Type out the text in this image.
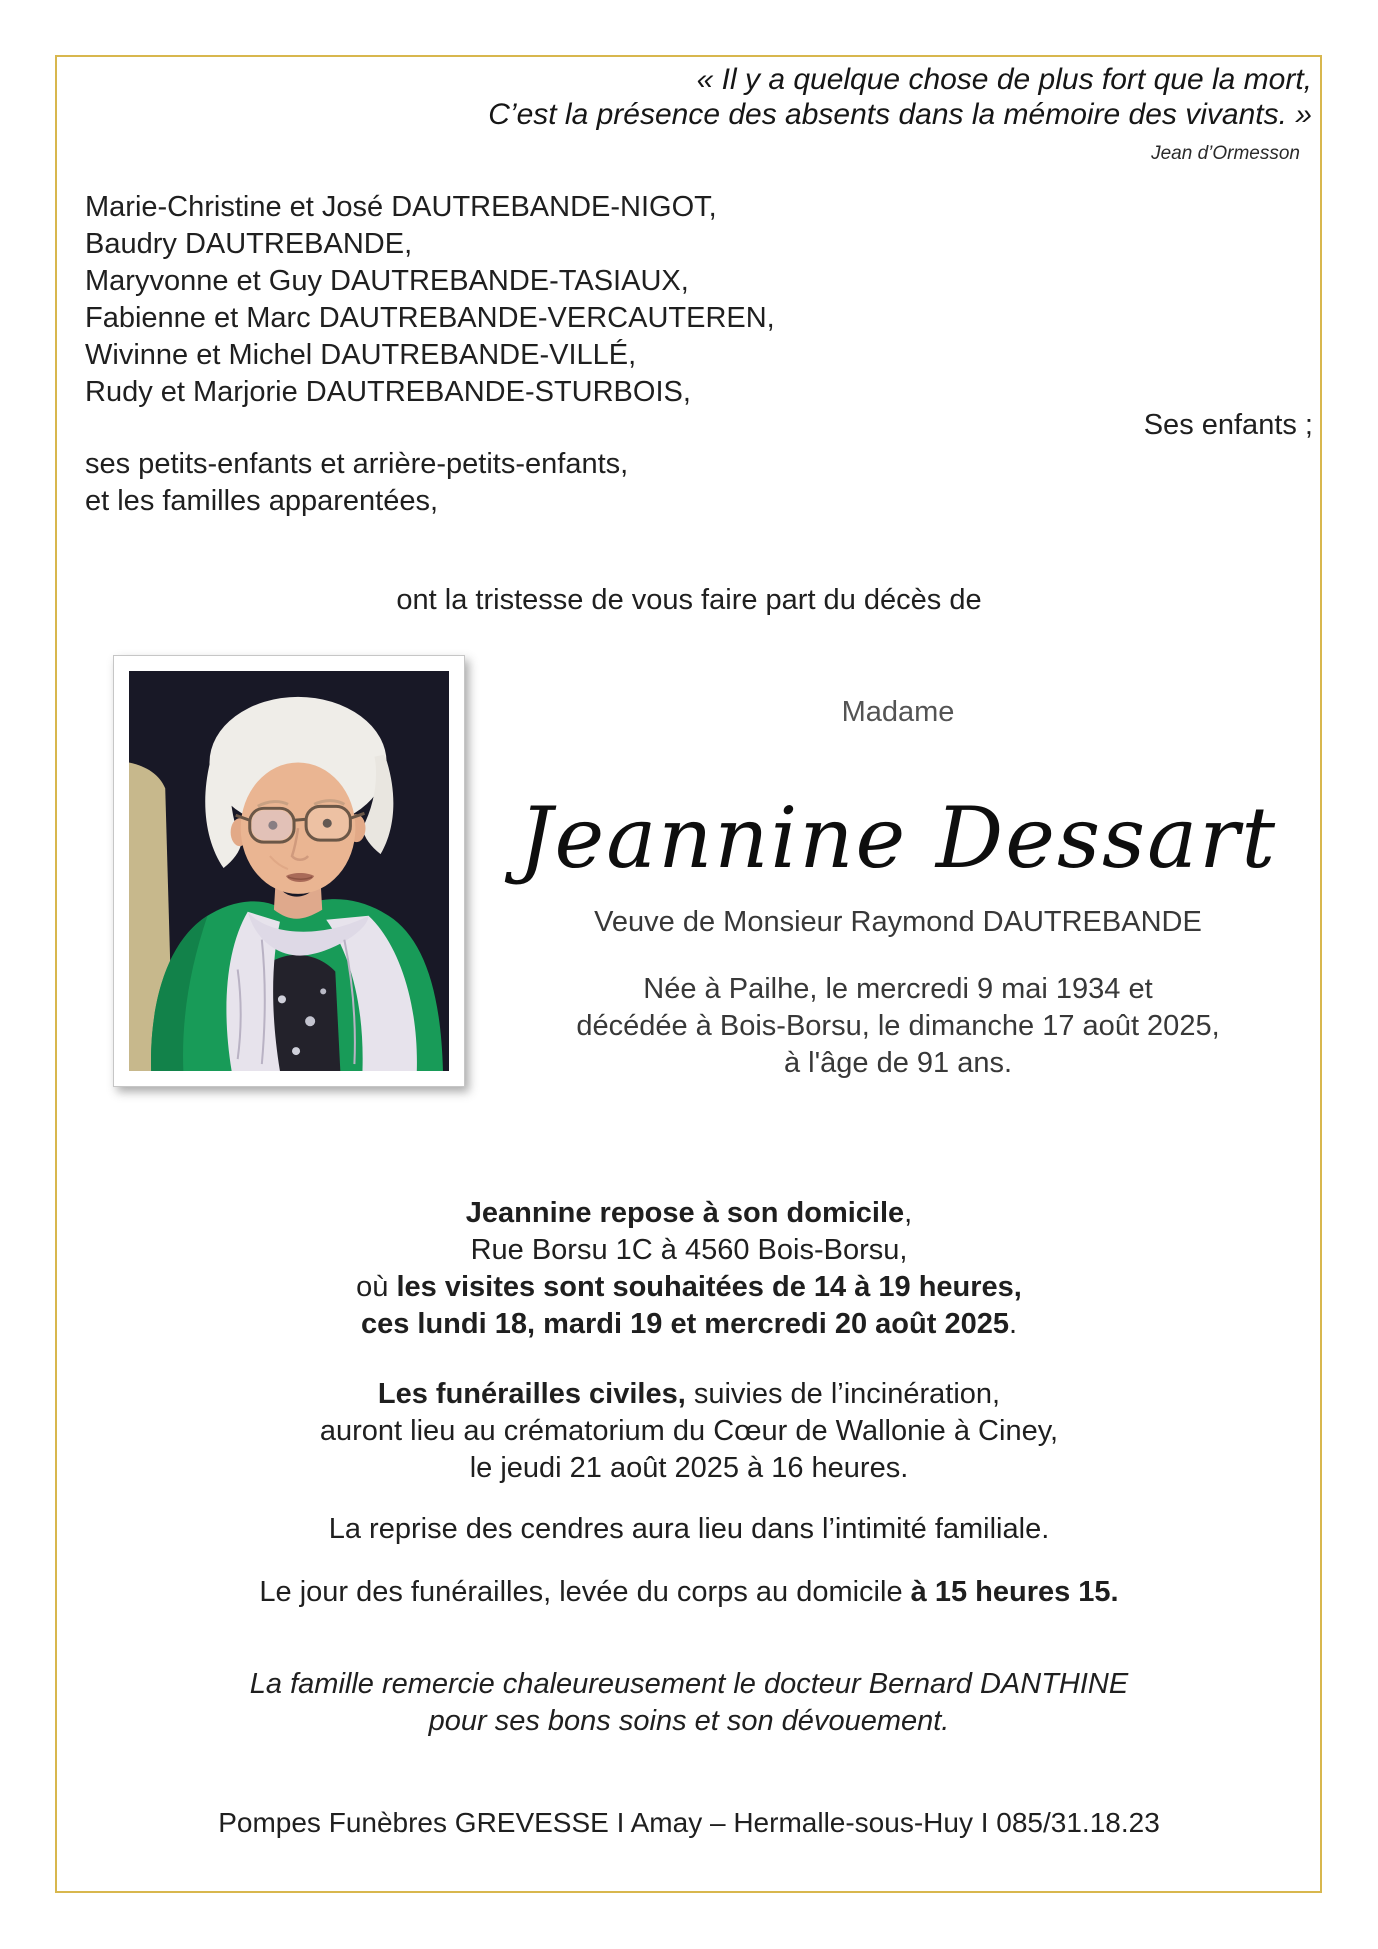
« Il y a quelque chose de plus fort que la mort,
C’est la présence des absents dans la mémoire des vivants. »
Jean d’Ormesson
Marie-Christine et José DAUTREBANDE-NIGOT,
Baudry DAUTREBANDE,
Maryvonne et Guy DAUTREBANDE-TASIAUX,
Fabienne et Marc DAUTREBANDE-VERCAUTEREN,
Wivinne et Michel DAUTREBANDE-VILLÉ,
Rudy et Marjorie DAUTREBANDE-STURBOIS,
Ses enfants ;
ses petits-enfants et arrière-petits-enfants,
et les familles apparentées,
ont la tristesse de vous faire part du décès de
Madame
Jeannine Dessart
Veuve de Monsieur Raymond DAUTREBANDE
Née à Pailhe, le mercredi 9 mai 1934 et
décédée à Bois-Borsu, le dimanche 17 août 2025,
à l'âge de 91 ans.
Jeannine repose à son domicile,
Rue Borsu 1C à 4560 Bois-Borsu,
où les visites sont souhaitées de 14 à 19 heures,
ces lundi 18, mardi 19 et mercredi 20 août 2025.
Les funérailles civiles, suivies de l’incinération,
auront lieu au crématorium du Cœur de Wallonie à Ciney,
le jeudi 21 août 2025 à 16 heures.
La reprise des cendres aura lieu dans l’intimité familiale.
Le jour des funérailles, levée du corps au domicile à 15 heures 15.
La famille remercie chaleureusement le docteur Bernard DANTHINE
pour ses bons soins et son dévouement.
Pompes Funèbres GREVESSE I Amay – Hermalle-sous-Huy I 085/31.18.23
